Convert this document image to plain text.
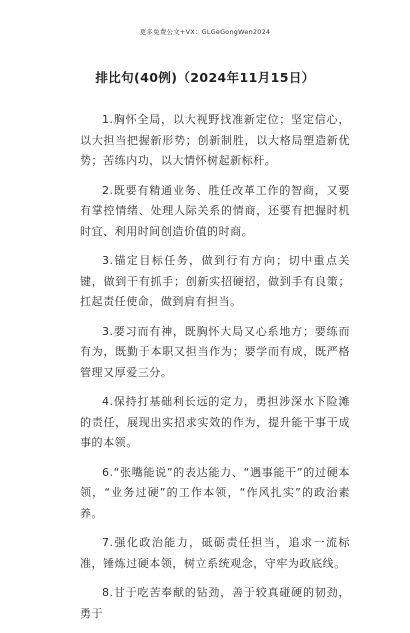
更多免费公文+VX：GLGeGongWen2024
排比句(40例)（2024年11月15日）

1.胸怀全局，以大视野找准新定位；坚定信心，以大担当把握新形势；创新制胜，以大格局塑造新优势；苦练内功，以大情怀树起新标杆。

2.既要有精通业务、胜任改革工作的智商，又要有掌控情绪、处理人际关系的情商，还要有把握时机时宜、利用时间创造价值的时商。

3.锚定目标任务，做到行有方向；切中重点关键，做到干有抓手；创新实招硬招，做到手有良策；扛起责任使命，做到肩有担当。

3.要习而有神，既胸怀大局又心系地方；要练而有为，既勤于本职又担当作为；要学而有成，既严格管理又厚爱三分。

4.保持打基础利长远的定力，勇担涉深水下险滩的责任，展现出实招求实效的作为，提升能干事干成事的本领。

6.“张嘴能说”的表达能力、“遇事能干”的过硬本领，“业务过硬”的工作本领，“作风扎实”的政治素养。

7.强化政治能力，砥砺责任担当，追求一流标准，锤炼过硬本领，树立系统观念，守牢为政底线。

8.甘于吃苦奉献的钻劲，善于较真碰硬的韧劲，勇于
